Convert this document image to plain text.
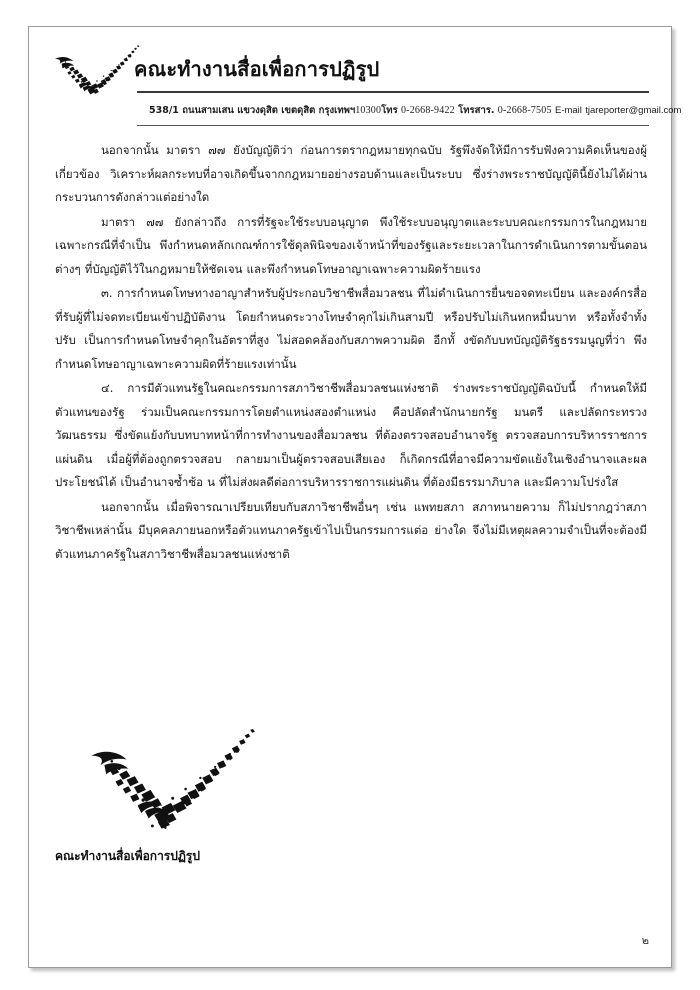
คณะทำงานสื่อเพื่อการปฏิรูป
538/1 ถนนสามเสน แขวงดุสิต เขตดุสิต กรุงเทพฯ10300โทร 0-2668-9422 โทรสาร. 0-2668-7505 E-mail tjareporter@gmail.com

นอกจากนั้น มาตรา ๗๗ ยังบัญญัติว่า ก่อนการตรากฎหมายทุกฉบับ รัฐพึงจัดให้มีการรับฟังความคิดเห็นของผู้เกี่ยวข้อง วิเคราะห์ผลกระทบที่อาจเกิดขึ้นจากกฎหมายอย่างรอบด้านและเป็นระบบ ซึ่งร่างพระราชบัญญัตินี้ยังไม่ได้ผ่านกระบวนการดังกล่าวแต่อย่างใด

มาตรา ๗๗ ยังกล่าวถึง การที่รัฐจะใช้ระบบอนุญาต พึงใช้ระบบอนุญาตและระบบคณะกรรมการในกฎหมายเฉพาะกรณีที่จำเป็น พึงกำหนดหลักเกณฑ์การใช้ดุลพินิจของเจ้าหน้าที่ของรัฐและระยะเวลาในการดำเนินการตามขั้นตอนต่างๆ ที่บัญญัติไว้ในกฎหมายให้ชัดเจน และพึงกำหนดโทษอาญาเฉพาะความผิดร้ายแรง

๓. การกำหนดโทษทางอาญาสำหรับผู้ประกอบวิชาชีพสื่อมวลชน ที่ไม่ดำเนินการยื่นขอจดทะเบียน และองค์กรสื่อที่รับผู้ที่ไม่จดทะเบียนเข้าปฏิบัติงาน โดยกำหนดระวางโทษจำคุกไม่เกินสามปี หรือปรับไม่เกินหกหมื่นบาท หรือทั้งจำทั้งปรับ เป็นการกำหนดโทษจำคุกในอัตราที่สูง ไม่สอดคล้องกับสภาพความผิด อีกทั้ งขัดกับบทบัญญัติรัฐธรรมนูญที่ว่า พึงกำหนดโทษอาญาเฉพาะความผิดที่ร้ายแรงเท่านั้น

๔. การมีตัวแทนรัฐในคณะกรรมการสภาวิชาชีพสื่อมวลชนแห่งชาติ ร่างพระราชบัญญัติฉบับนี้ กำหนดให้มีตัวแทนของรัฐ ร่วมเป็นคณะกรรมการโดยตำแหน่งสองตำแหน่ง คือปลัดสำนักนายกรัฐ มนตรี และปลัดกระทรวงวัฒนธรรม ซึ่งขัดแย้งกับบทบาทหน้าที่การทำงานของสื่อมวลชน ที่ต้องตรวจสอบอำนาจรัฐ ตรวจสอบการบริหารราชการแผ่นดิน เมื่อผู้ที่ต้องถูกตรวจสอบ กลายมาเป็นผู้ตรวจสอบเสียเอง ก็เกิดกรณีที่อาจมีความขัดแย้งในเชิงอำนาจและผลประโยชน์ได้ เป็นอำนาจซ้ำซ้อ น ที่ไม่ส่งผลดีต่อการบริหารราชการแผ่นดิน ที่ต้องมีธรรมาภิบาล และมีความโปร่งใส

นอกจากนั้น เมื่อพิจารณาเปรียบเทียบกับสภาวิชาชีพอื่นๆ เช่น แพทยสภา สภาทนายความ ก็ไม่ปรากฎว่าสภาวิชาชีพเหล่านั้น มีบุคคลภายนอกหรือตัวแทนภาครัฐเข้าไปเป็นกรรมการแต่อ ย่างใด จึงไม่มีเหตุผลความจำเป็นที่จะต้องมีตัวแทนภาครัฐในสภาวิชาชีพสื่อมวลชนแห่งชาติ

คณะทำงานสื่อเพื่อการปฏิรูป
๒
